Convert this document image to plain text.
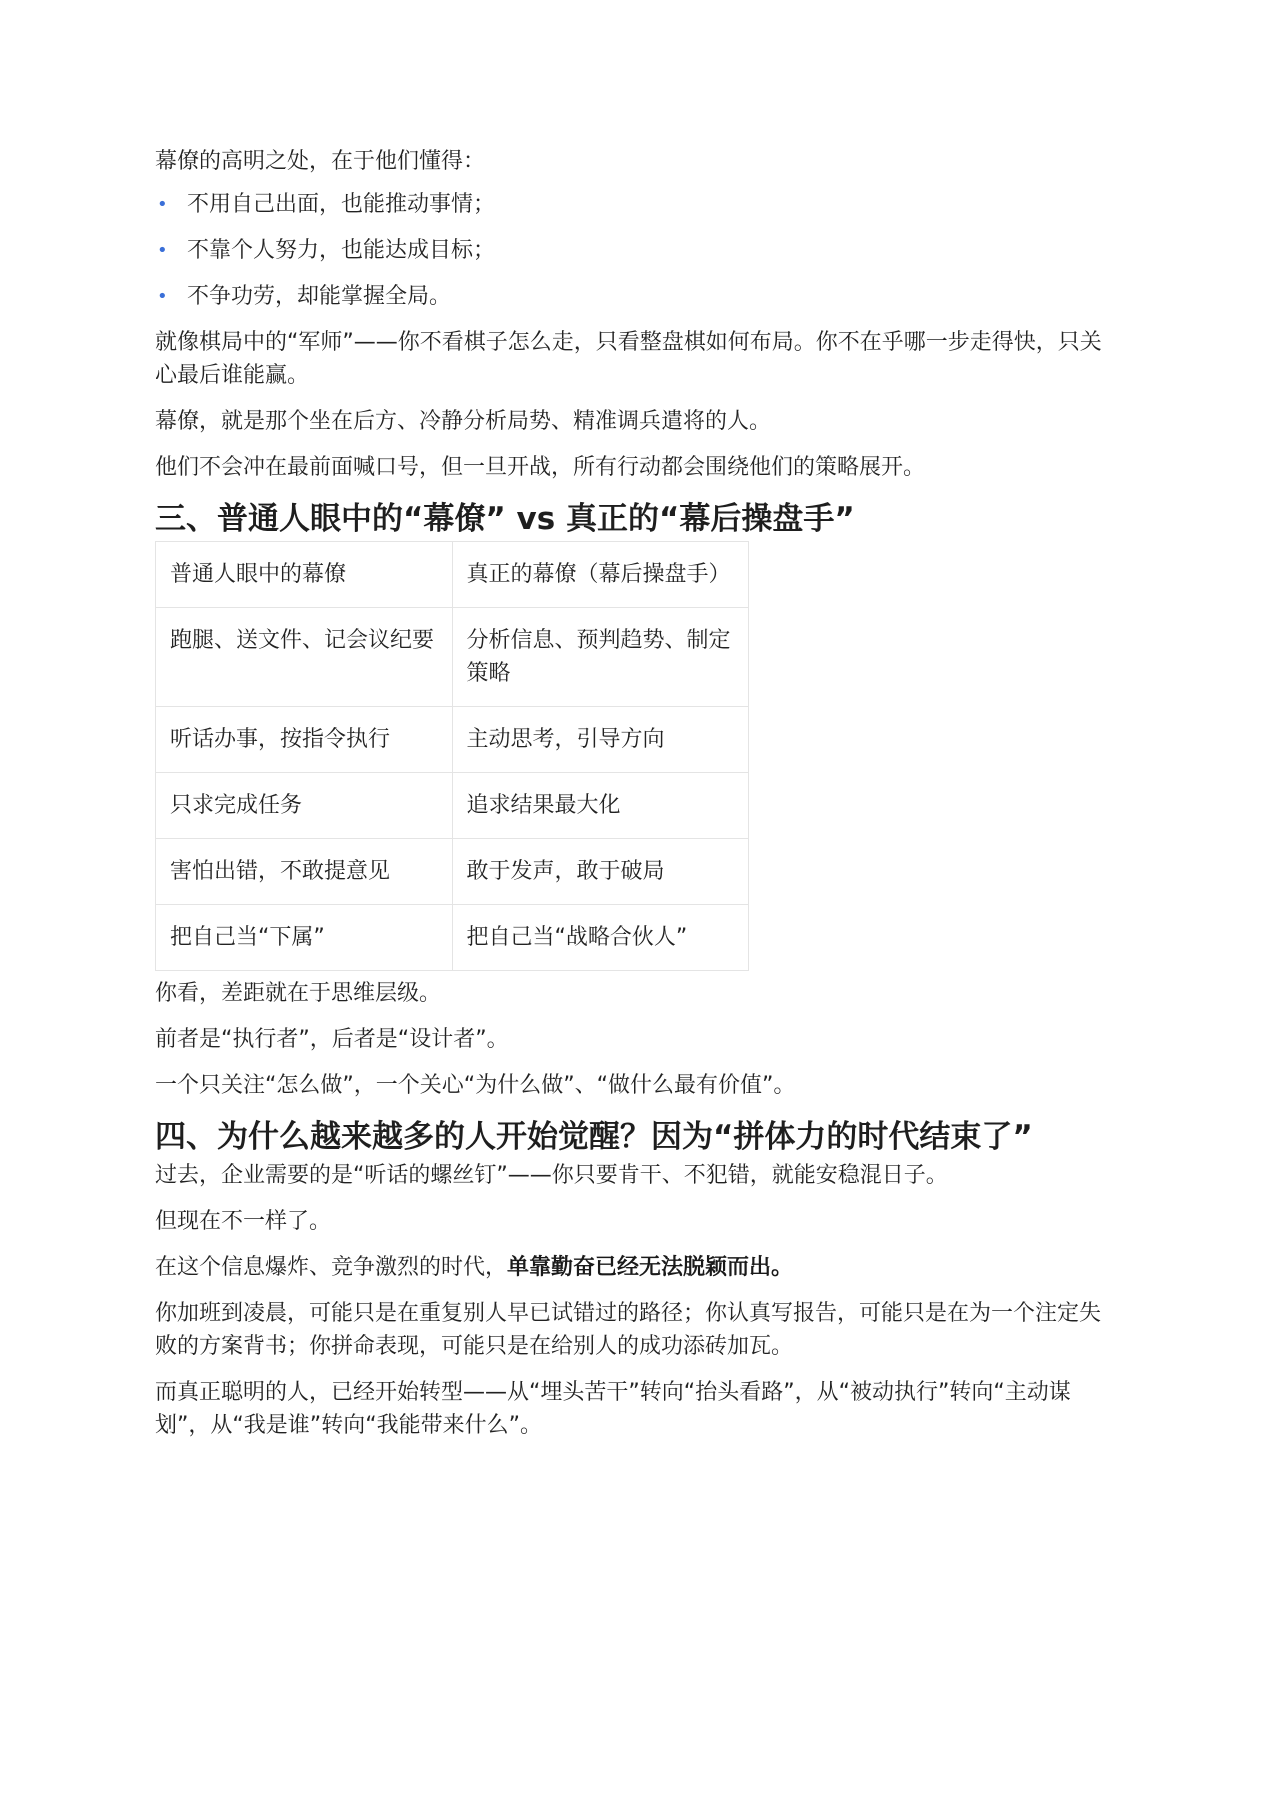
幕僚的高明之处，在于他们懂得：

• 不用自己出面，也能推动事情；
• 不靠个人努力，也能达成目标；
• 不争功劳，却能掌握全局。

就像棋局中的“军师”——你不看棋子怎么走，只看整盘棋如何布局。你不在乎哪一步走得快，只关心最后谁能赢。

幕僚，就是那个坐在后方、冷静分析局势、精准调兵遣将的人。

他们不会冲在最前面喊口号，但一旦开战，所有行动都会围绕他们的策略展开。

三、普通人眼中的“幕僚” vs 真正的“幕后操盘手”
普通人眼中的幕僚	真正的幕僚（幕后操盘手）
跑腿、送文件、记会议纪要	分析信息、预判趋势、制定策略
听话办事，按指令执行	主动思考，引导方向
只求完成任务	追求结果最大化
害怕出错，不敢提意见	敢于发声，敢于破局
把自己当“下属”	把自己当“战略合伙人”

你看，差距就在于思维层级。

前者是“执行者”，后者是“设计者”。

一个只关注“怎么做”，一个关心“为什么做”、“做什么最有价值”。

四、为什么越来越多的人开始觉醒？因为“拼体力的时代结束了”

过去，企业需要的是“听话的螺丝钉”——你只要肯干、不犯错，就能安稳混日子。

但现在不一样了。

在这个信息爆炸、竞争激烈的时代，单靠勤奋已经无法脱颖而出。

你加班到凌晨，可能只是在重复别人早已试错过的路径；你认真写报告，可能只是在为一个注定失败的方案背书；你拼命表现，可能只是在给别人的成功添砖加瓦。

而真正聪明的人，已经开始转型——从“埋头苦干”转向“抬头看路”，从“被动执行”转向“主动谋划”，从“我是谁”转向“我能带来什么”。
